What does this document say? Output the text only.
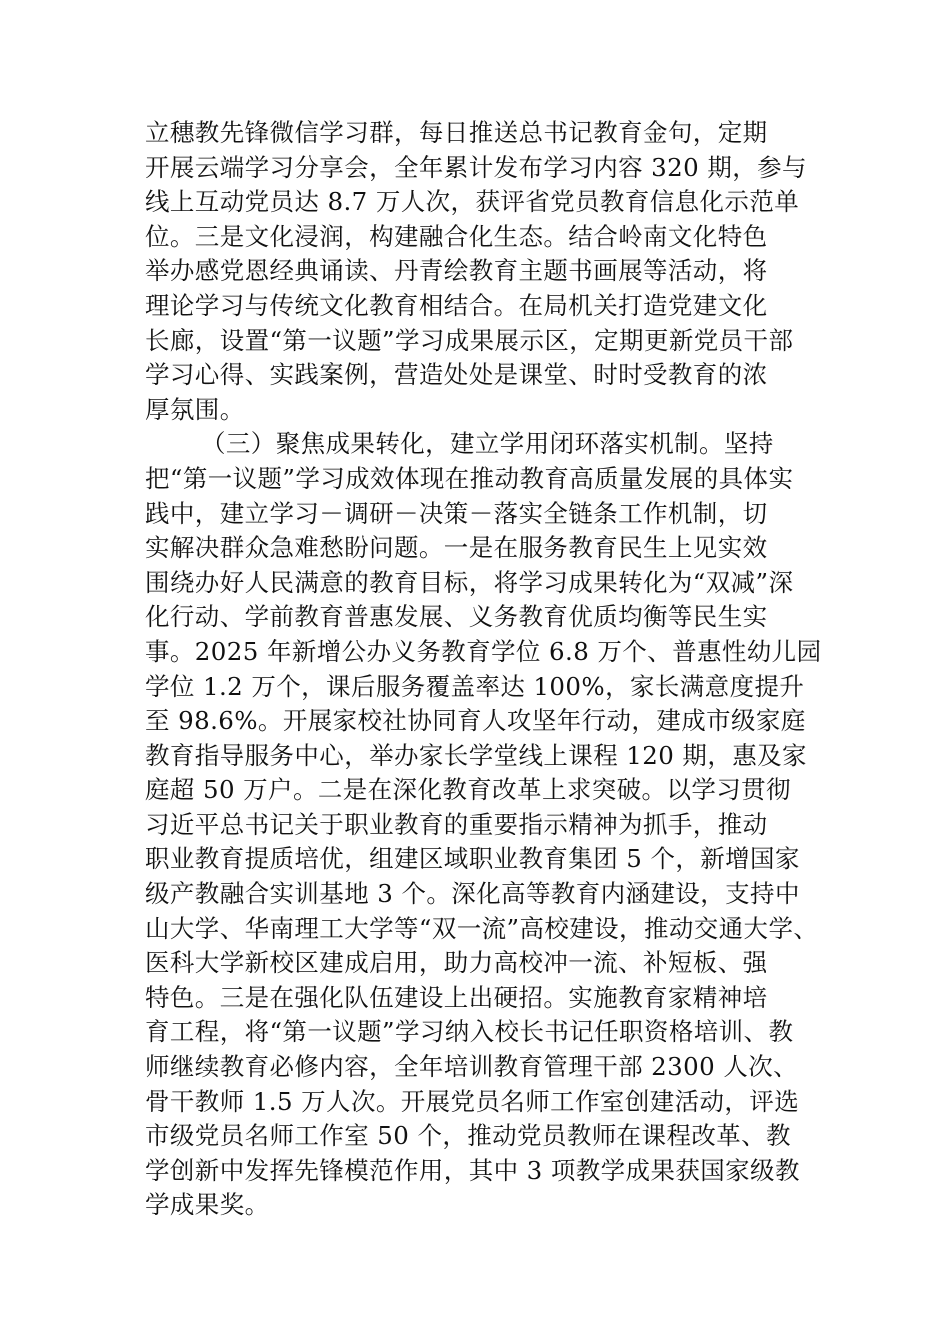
立穗教先锋微信学习群，每日推送总书记教育金句，定期
开展云端学习分享会，全年累计发布学习内容 320 期，参与
线上互动党员达 8.7 万人次，获评省党员教育信息化示范单
位。三是文化浸润，构建融合化生态。结合岭南文化特色
举办感党恩经典诵读、丹青绘教育主题书画展等活动，将
理论学习与传统文化教育相结合。在局机关打造党建文化
长廊，设置“第一议题”学习成果展示区，定期更新党员干部
学习心得、实践案例，营造处处是课堂、时时受教育的浓
厚氛围。
（三）聚焦成果转化，建立学用闭环落实机制。坚持
把“第一议题”学习成效体现在推动教育高质量发展的具体实
践中，建立学习－调研－决策－落实全链条工作机制，切
实解决群众急难愁盼问题。一是在服务教育民生上见实效
围绕办好人民满意的教育目标，将学习成果转化为“双减”深
化行动、学前教育普惠发展、义务教育优质均衡等民生实
事。2025 年新增公办义务教育学位 6.8 万个、普惠性幼儿园
学位 1.2 万个，课后服务覆盖率达 100%，家长满意度提升
至 98.6%。开展家校社协同育人攻坚年行动，建成市级家庭
教育指导服务中心，举办家长学堂线上课程 120 期，惠及家
庭超 50 万户。二是在深化教育改革上求突破。以学习贯彻
习近平总书记关于职业教育的重要指示精神为抓手，推动
职业教育提质培优，组建区域职业教育集团 5 个，新增国家
级产教融合实训基地 3 个。深化高等教育内涵建设，支持中
山大学、华南理工大学等“双一流”高校建设，推动交通大学、
医科大学新校区建成启用，助力高校冲一流、补短板、强
特色。三是在强化队伍建设上出硬招。实施教育家精神培
育工程，将“第一议题”学习纳入校长书记任职资格培训、教
师继续教育必修内容，全年培训教育管理干部 2300 人次、
骨干教师 1.5 万人次。开展党员名师工作室创建活动，评选
市级党员名师工作室 50 个，推动党员教师在课程改革、教
学创新中发挥先锋模范作用，其中 3 项教学成果获国家级教
学成果奖。
